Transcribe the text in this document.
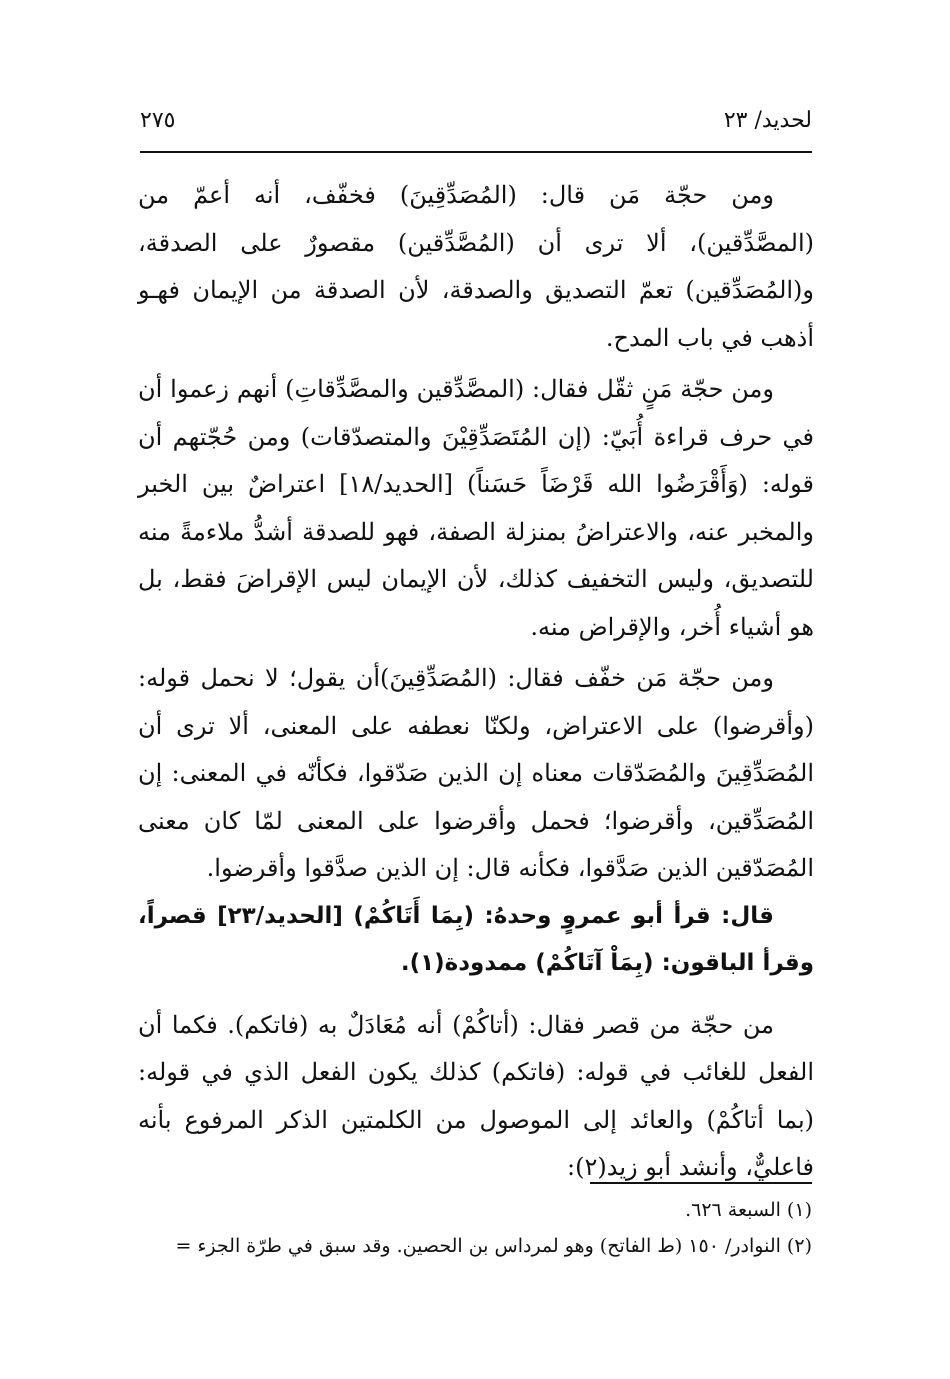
لحديد/ ٢٣
٢٧٥

ومن حجّة مَن قال: (المُصَدِّقِينَ) فخفّف، أنه أعمّ من (المصَّدِّقين)، ألا ترى أن (المُصَّدِّقين) مقصورٌ على الصدقة، و(المُصَدِّقين) تعمّ التصديق والصدقة، لأن الصدقة من الإيمان فهـو أذهب في باب المدح.

ومن حجّة مَنٍ ثقّل فقال: (المصَّدِّقين والمصَّدِّقاتِ) أنهم زعموا أن في حرف قراءة أُبَيّ: (إن المُتَصَدِّقِيْنَ والمتصدّقات) ومن حُجّتهم أن قوله: (وَأَقْرَضُوا الله قَرْضَاً حَسَناً) [الحديد/١٨] اعتراضٌ بين الخبر والمخبر عنه، والاعتراضُ بمنزلة الصفة، فهو للصدقة أشدُّ ملاءمةً منه للتصديق، وليس التخفيف كذلك، لأن الإيمان ليس الإقراضَ فقط، بل هو أشياء أُخر، والإقراض منه.

ومن حجّة مَن خفّف فقال: (المُصَدِّقِينَ)أن يقول؛ لا نحمل قوله: (وأقرضوا) على الاعتراض، ولكنّا نعطفه على المعنى، ألا ترى أن المُصَدِّقِينَ والمُصَدّقات معناه إن الذين صَدّقوا، فكأنّه في المعنى: إن المُصَدِّقين، وأقرضوا؛ فحمل وأقرضوا على المعنى لمّا كان معنى المُصَدّقين الذين صَدَّقوا، فكأنه قال: إن الذين صدَّقوا وأقرضوا.

قال: قرأ أبو عمروٍ وحدهُ: (بِمَا أَتَاكُمْ) [الحديد/٢٣] قصراً، وقرأ الباقون: (بِمَاْ آتَاكُمْ) ممدودة(١).

من حجّة من قصر فقال: (أتاكُمْ) أنه مُعَادَلٌ به (فاتكم). فكما أن الفعل للغائب في قوله: (فاتكم) كذلك يكون الفعل الذي في قوله: (بما أتاكُمْ) والعائد إلى الموصول من الكلمتين الذكر المرفوع بأنه فاعليٌّ، وأنشد أبو زيد(٢):

(١) السبعة ٦٢٦.

(٢) النوادر/ ١٥٠ (ط الفاتح) وهو لمرداس بن الحصين. وقد سبق في طرّة الجزء =
